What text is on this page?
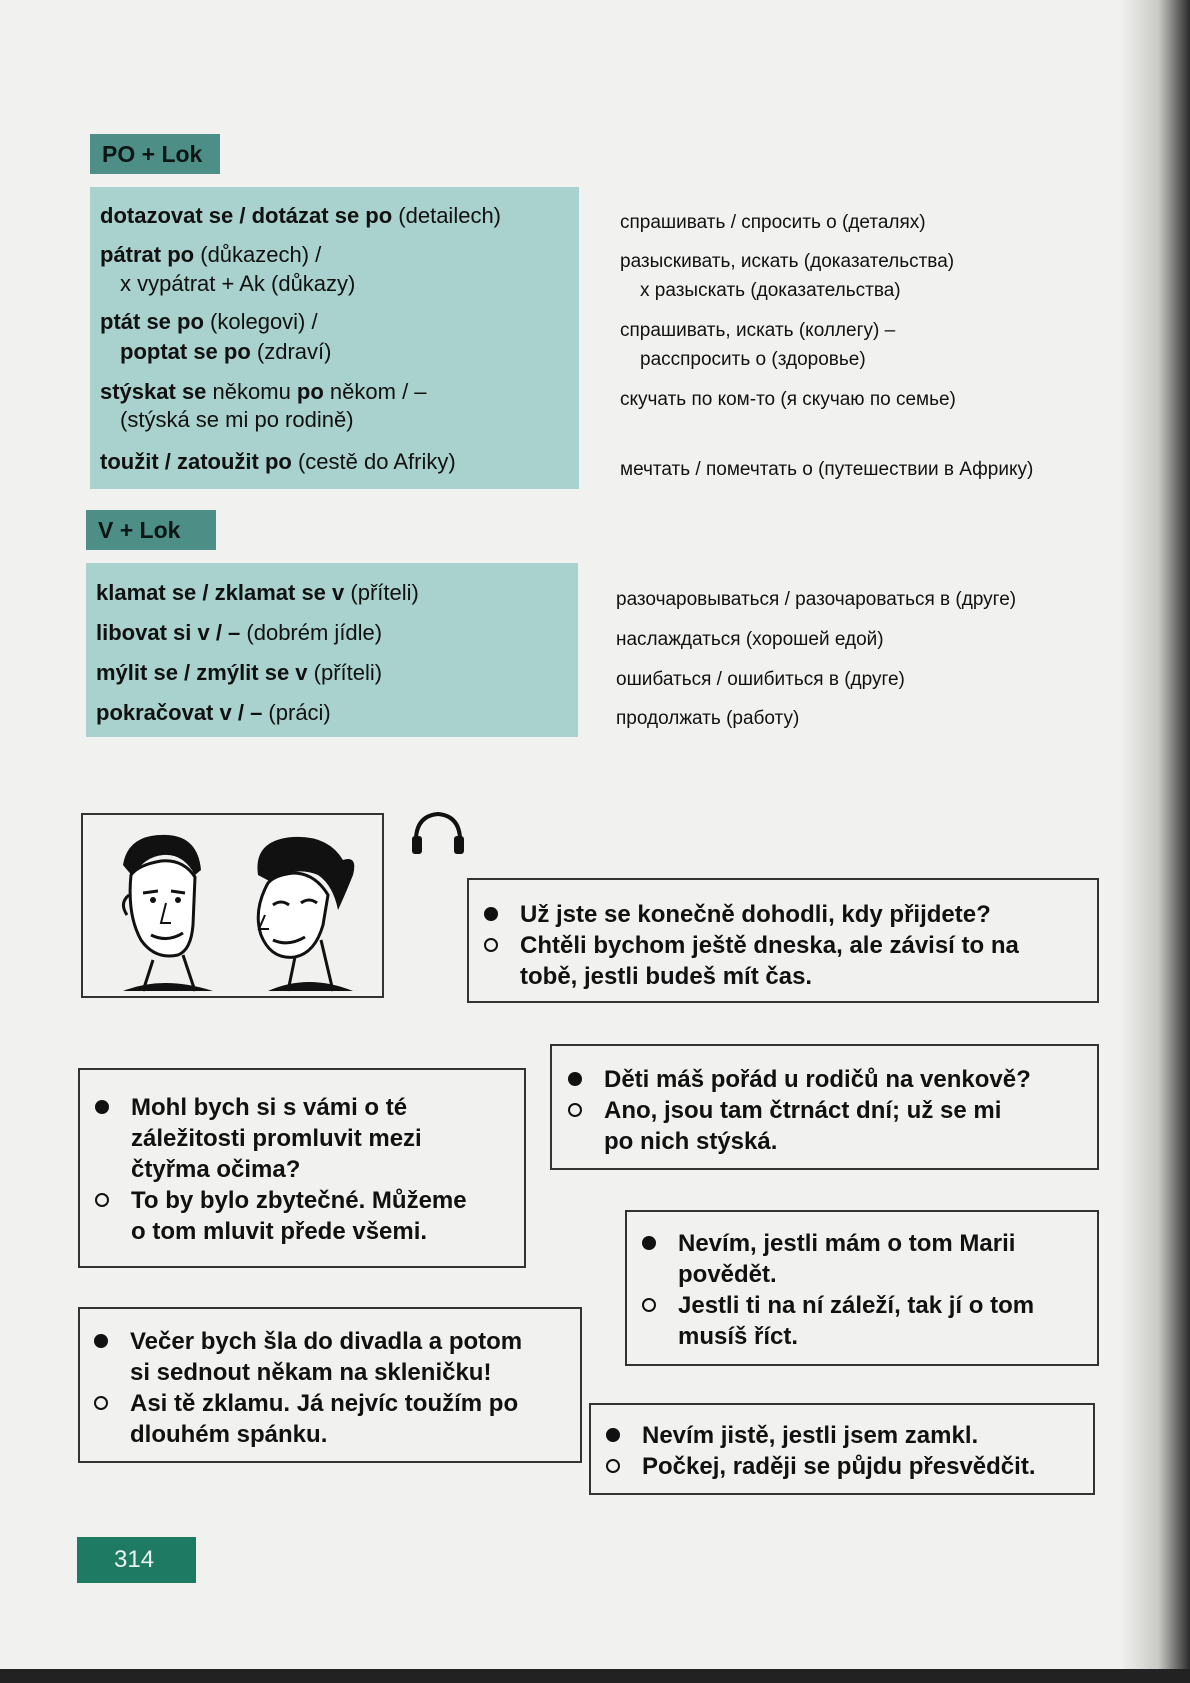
PO + Lok
dotazovat se / dotázat se po (detailech)	спрашивать / спросить о (деталях)
pátrat po (důkazech) /
x vypátrat + Ak (důkazy)
разыскивать, искать (доказательства)
x разыскать (доказательства)
ptát se po (kolegovi) /
poptat se po (zdraví)
спрашивать, искать (коллегу) –
расспросить о (здоровье)
stýskat se někomu po někom / –
(stýská se mi po rodině)
скучать по ком-то (я скучаю по семье)
toužit / zatoužit po (cestě do Afriky)	мечтать / помечтать о (путешествии в Африку)
V + Lok
klamat se / zklamat se v (příteli)	разочаровываться / разочароваться в (друге)
libovat si v / – (dobrém jídle)	наслаждаться (хорошей едой)
mýlit se / zmýlit se v (příteli)	ошибаться / ошибиться в (друге)
pokračovat v / – (práci)	продолжать (работу)
Už jste se konečně dohodli, kdy přijdete?
Chtěli bychom ještě dneska, ale závisí to na
tobě, jestli budeš mít čas.
Děti máš pořád u rodičů na venkově?
Ano, jsou tam čtrnáct dní; už se mi
po nich stýská.
Mohl bych si s vámi o té
záležitosti promluvit mezi
čtyřma očima?
To by bylo zbytečné. Můžeme
o tom mluvit přede všemi.	Nevím, jestli mám o tom Marii
povědět.
Jestli ti na ní záleží, tak jí o tom
musíš říct.
Večer bych šla do divadla a potom
si sednout někam na skleničku!
Asi tě zklamu. Já nejvíc toužím po
dlouhém spánku.	Nevím jistě, jestli jsem zamkl.
Počkej, raději se půjdu přesvědčit.
314
